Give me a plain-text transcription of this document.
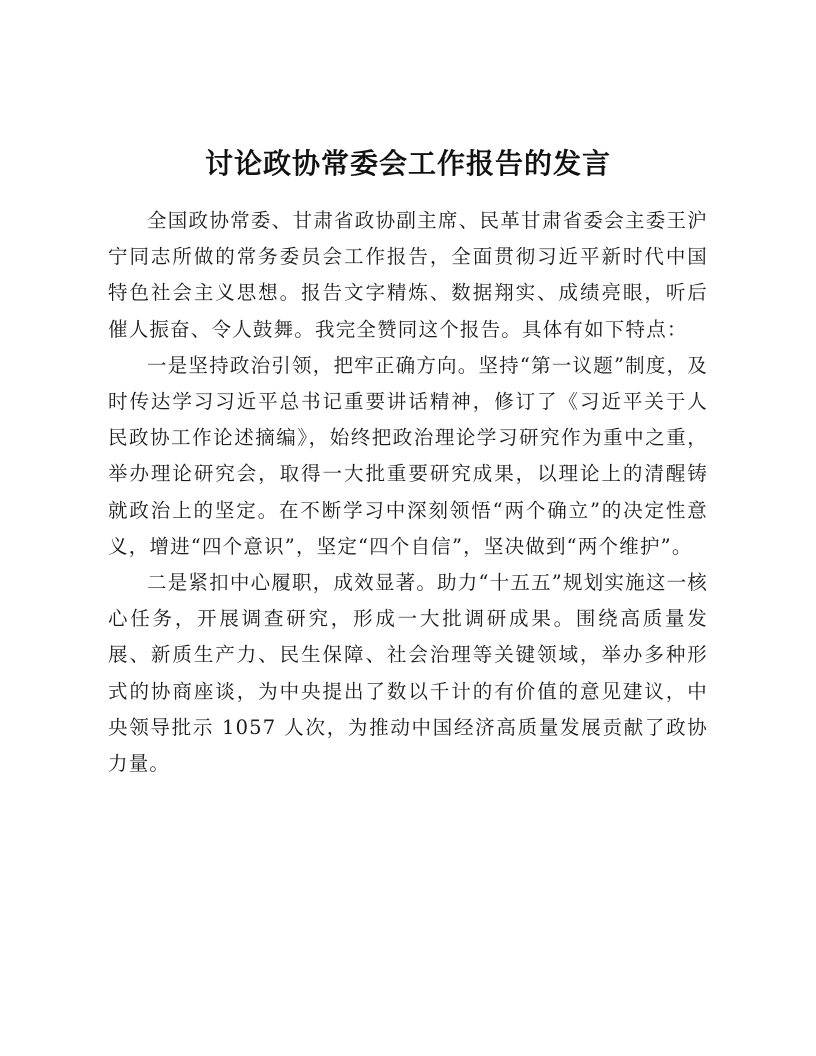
讨论政协常委会工作报告的发言

全国政协常委、甘肃省政协副主席、民革甘肃省委会主委王沪宁同志所做的常务委员会工作报告，全面贯彻习近平新时代中国特色社会主义思想。报告文字精炼、数据翔实、成绩亮眼，听后催人振奋、令人鼓舞。我完全赞同这个报告。具体有如下特点：

一是坚持政治引领，把牢正确方向。坚持“第一议题”制度，及时传达学习习近平总书记重要讲话精神，修订了《习近平关于人民政协工作论述摘编》，始终把政治理论学习研究作为重中之重，举办理论研究会，取得一大批重要研究成果，以理论上的清醒铸就政治上的坚定。在不断学习中深刻领悟“两个确立”的决定性意义，增进“四个意识”，坚定“四个自信”，坚决做到“两个维护”。

二是紧扣中心履职，成效显著。助力“十五五”规划实施这一核心任务，开展调查研究，形成一大批调研成果。围绕高质量发展、新质生产力、民生保障、社会治理等关键领域，举办多种形式的协商座谈，为中央提出了数以千计的有价值的意见建议，中央领导批示 1057 人次，为推动中国经济高质量发展贡献了政协力量。
